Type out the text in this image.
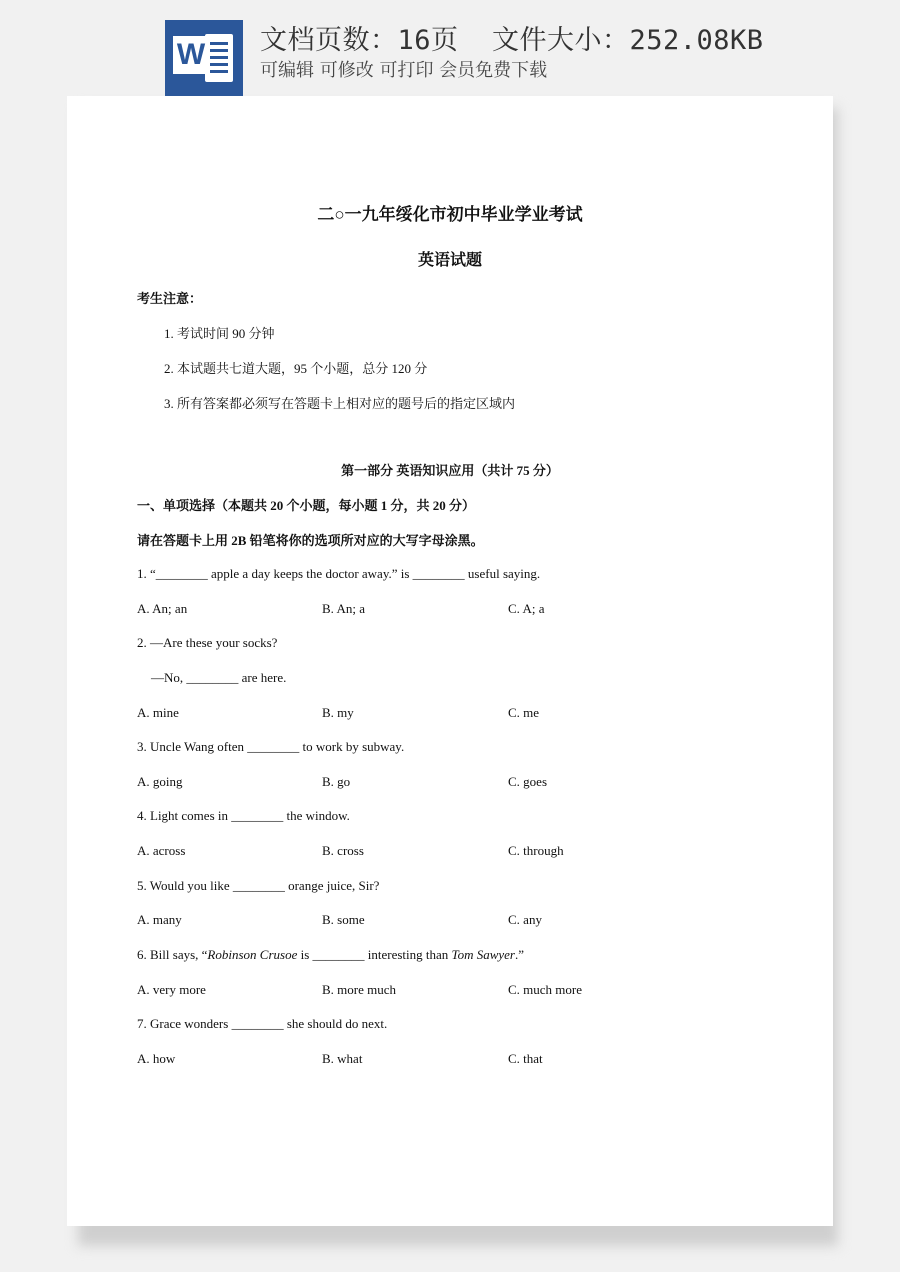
W 文档页数：16页  文件大小：252.08KB
可编辑 可修改 可打印 会员免费下载
二○一九年绥化市初中毕业学业考试
英语试题
考生注意：
1. 考试时间 90 分钟
2. 本试题共七道大题，95 个小题，总分 120 分
3. 所有答案都必须写在答题卡上相对应的题号后的指定区域内
第一部分 英语知识应用（共计 75 分）
一、单项选择（本题共 20 个小题，每小题 1 分，共 20 分）
请在答题卡上用 2B 铅笔将你的选项所对应的大写字母涂黑。
1. “________ apple a day keeps the doctor away.” is ________ useful saying.
A. An; an	B. An; a	C. A; a
2. —Are these your socks?
—No, ________ are here.
A. mine	B. my	C. me
3. Uncle Wang often ________ to work by subway.
A. going	B. go	C. goes
4. Light comes in ________ the window.
A. across	B. cross	C. through
5. Would you like ________ orange juice, Sir?
A. many	B. some	C. any
6. Bill says, “Robinson Crusoe is ________ interesting than Tom Sawyer.”
A. very more	B. more much	C. much more
7. Grace wonders ________ she should do next.
A. how	B. what	C. that
